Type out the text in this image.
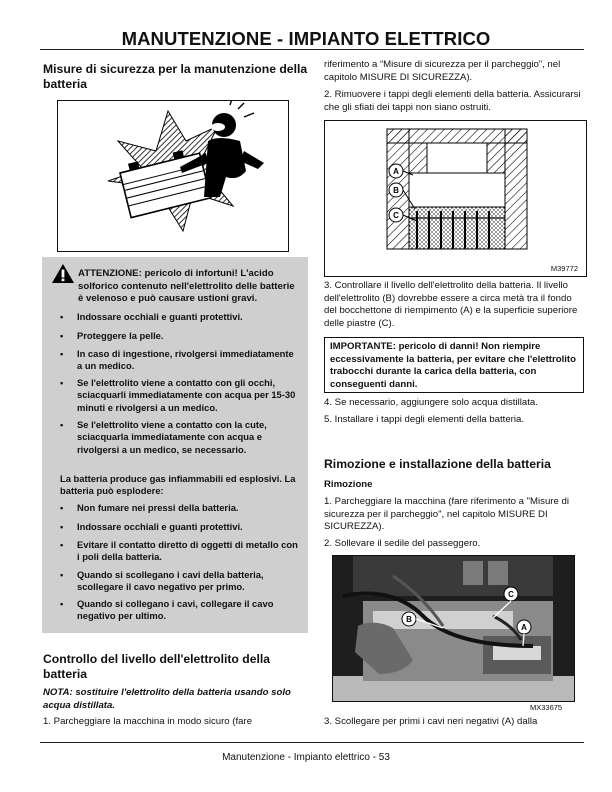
MANUTENZIONE - IMPIANTO ELETTRICO
Misure di sicurezza per la manutenzione della batteria
ATTENZIONE: pericolo di infortuni! L'acido solforico contenuto nell'elettrolito delle batterie è velenoso e può causare ustioni gravi.
•	Indossare occhiali e guanti protettivi.
•	Proteggere la pelle.
•	In caso di ingestione, rivolgersi immediatamente a un medico.
•	Se l'elettrolito viene a contatto con gli occhi, sciacquarli immediatamente con acqua per 15-30 minuti e rivolgersi a un medico.
•	Se l'elettrolito viene a contatto con la cute, sciacquarla immediatamente con acqua e rivolgersi a un medico, se necessario.
La batteria produce gas infiammabili ed esplosivi. La batteria può esplodere:
•	Non fumare nei pressi della batteria.
•	Indossare occhiali e guanti protettivi.
•	Evitare il contatto diretto di oggetti di metallo con i poli della batteria.
•	Quando si scollegano i cavi della batteria, scollegare il cavo negativo per primo.
•	Quando si collegano i cavi, collegare il cavo negativo per ultimo.
Controllo del livello dell'elettrolito della batteria
NOTA: sostituire l'elettrolito della batteria usando solo acqua distillata.
1. Parcheggiare la macchina in modo sicuro (fare
riferimento a “Misure di sicurezza per il parcheggio”, nel capitolo MISURE DI SICUREZZA).
2. Rimuovere i tappi degli elementi della batteria. Assicurarsi che gli sfiati dei tappi non siano ostruiti.
A
B
C
M39772
3. Controllare il livello dell'elettrolito della batteria. Il livello dell'elettrolito (B) dovrebbe essere a circa metà tra il fondo del bocchettone di riempimento (A) e la superficie superiore delle piastre (C).
IMPORTANTE: pericolo di danni! Non riempire eccessivamente la batteria, per evitare che l'elettrolito trabocchi durante la carica della batteria, con conseguenti danni.
4. Se necessario, aggiungere solo acqua distillata.
5. Installare i tappi degli elementi della batteria.
Rimozione e installazione della batteria
Rimozione
1. Parcheggiare la macchina (fare riferimento a "Misure di sicurezza per il parcheggio", nel capitolo MISURE DI SICUREZZA).
2. Sollevare il sedile del passeggero.
B
C
A
MX33675
3. Scollegare per primi i cavi neri negativi (A) dalla
Manutenzione - Impianto elettrico - 53
